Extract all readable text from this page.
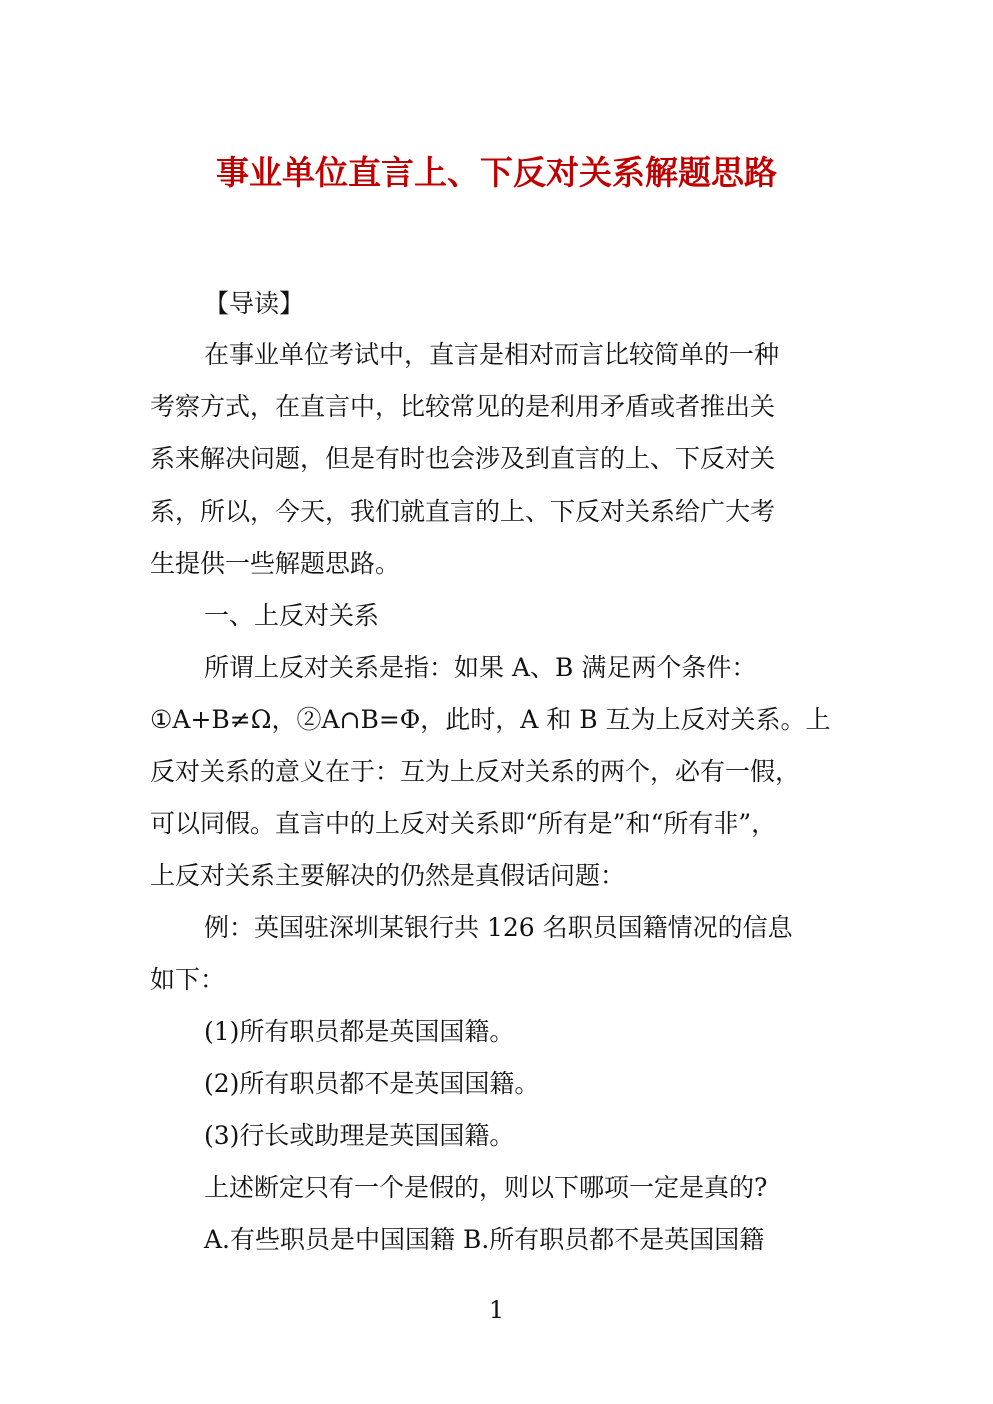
事业单位直言上、下反对关系解题思路
【导读】
在事业单位考试中，直言是相对而言比较简单的一种
考察方式，在直言中，比较常见的是利用矛盾或者推出关
系来解决问题，但是有时也会涉及到直言的上、下反对关
系，所以，今天，我们就直言的上、下反对关系给广大考
生提供一些解题思路。
一、上反对关系
所谓上反对关系是指：如果 A、B 满足两个条件：
①A+B≠Ω，②A∩B=Φ，此时，A 和 B 互为上反对关系。上
反对关系的意义在于：互为上反对关系的两个，必有一假，
可以同假。直言中的上反对关系即“所有是”和“所有非”，
上反对关系主要解决的仍然是真假话问题：
例：英国驻深圳某银行共 126 名职员国籍情况的信息
如下：
(1)所有职员都是英国国籍。
(2)所有职员都不是英国国籍。
(3)行长或助理是英国国籍。
上述断定只有一个是假的，则以下哪项一定是真的?
A.有些职员是中国国籍 B.所有职员都不是英国国籍
1
